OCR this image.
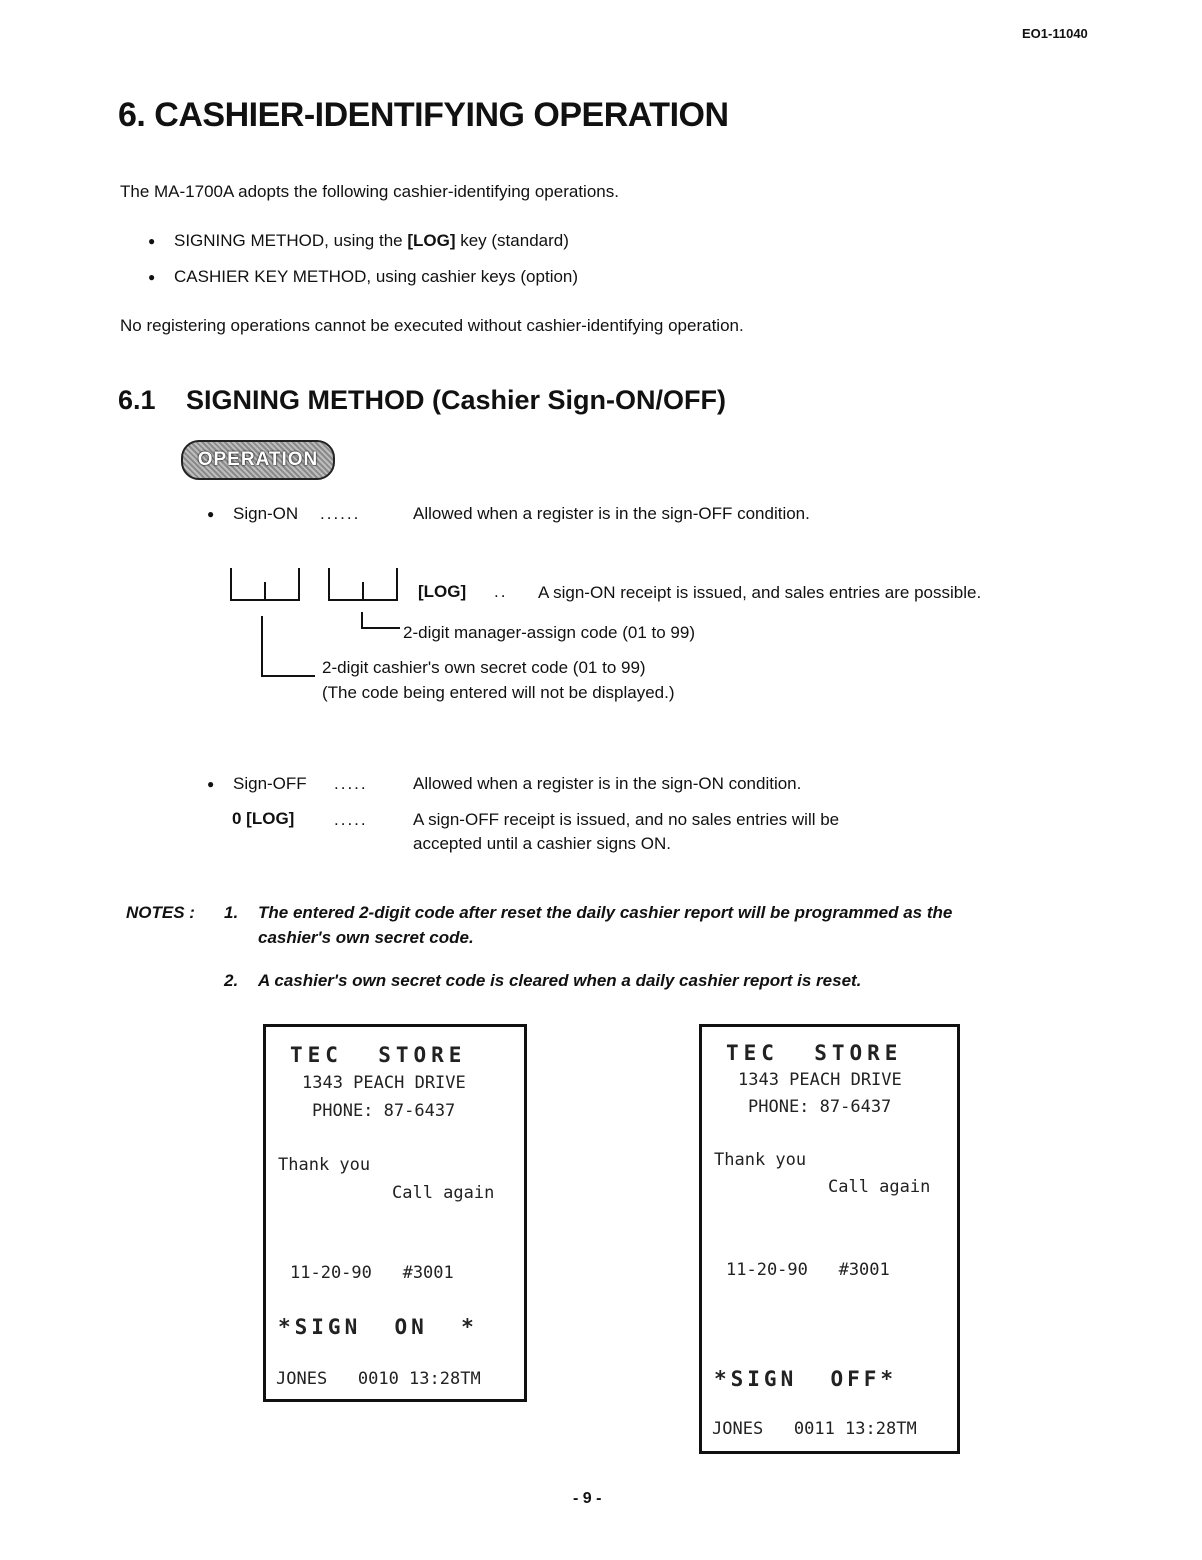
EO1-11040
6. CASHIER-IDENTIFYING OPERATION
The MA-1700A adopts the following cashier-identifying operations.
● SIGNING METHOD, using the [LOG] key (standard)
● CASHIER KEY METHOD, using cashier keys (option)
No registering operations cannot be executed without cashier-identifying operation.
6.1 SIGNING METHOD (Cashier Sign-ON/OFF)
OPERATION
● Sign-ON ......	Allowed when a register is in the sign-OFF condition.
[LOG] .. A sign-ON receipt is issued, and sales entries are possible.
2-digit manager-assign code (01 to 99)
2-digit cashier's own secret code (01 to 99)
(The code being entered will not be displayed.)
● Sign-OFF .....	Allowed when a register is in the sign-ON condition.
0 [LOG] .....	A sign-OFF receipt is issued, and no sales entries will be
accepted until a cashier signs ON.
NOTES : 1. The entered 2-digit code after reset the daily cashier report will be programmed as the
cashier's own secret code.
2. A cashier's own secret code is cleared when a daily cashier report is reset.
TEC  STORE
1343 PEACH DRIVE
PHONE: 87-6437
Thank you
Call again
11-20-90   #3001
*SIGN  ON  *
JONES   0010 13:28TM
TEC  STORE
1343 PEACH DRIVE
PHONE: 87-6437
Thank you
Call again
11-20-90   #3001
*SIGN  OFF*
JONES   0011 13:28TM
- 9 -
